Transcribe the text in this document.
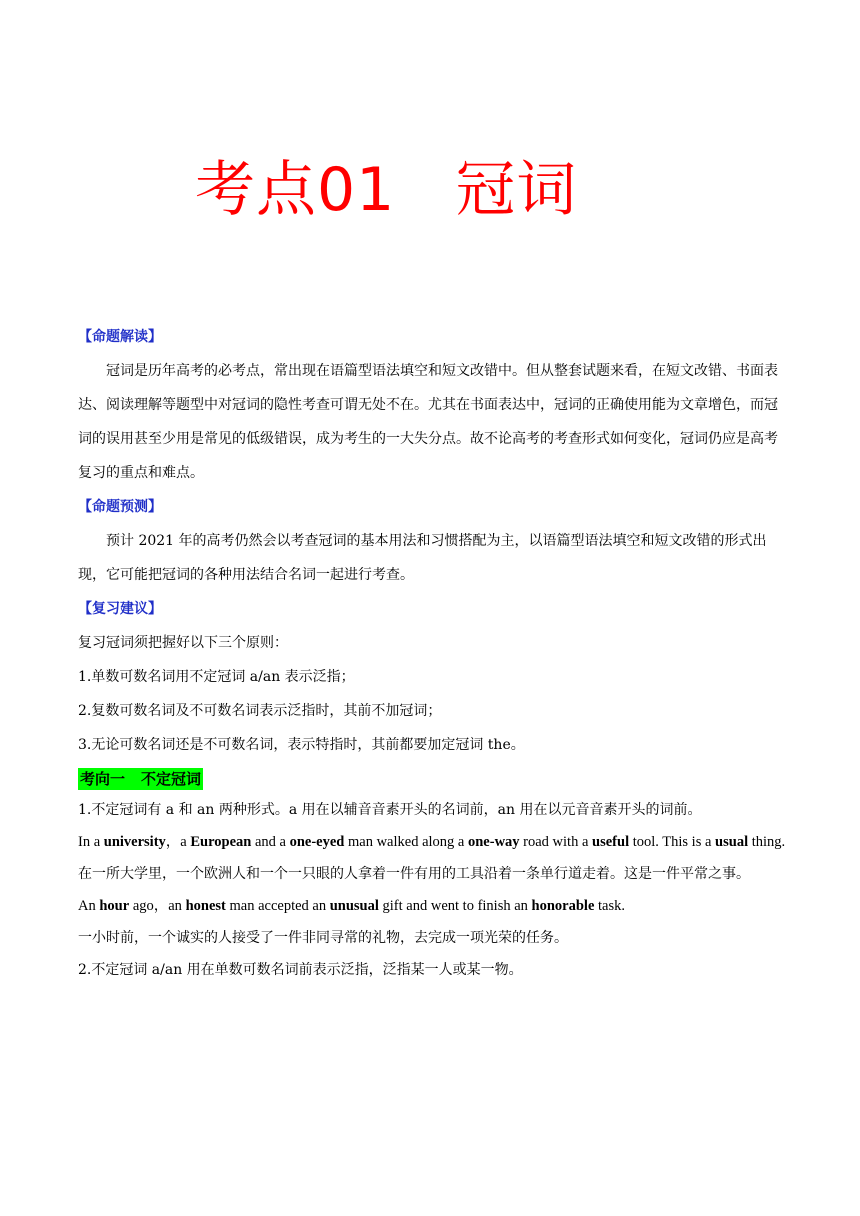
考点01 冠词

【命题解读】

冠词是历年高考的必考点，常出现在语篇型语法填空和短文改错中。但从整套试题来看，在短文改错、书面表达、阅读理解等题型中对冠词的隐性考查可谓无处不在。尤其在书面表达中，冠词的正确使用能为文章增色，而冠词的误用甚至少用是常见的低级错误，成为考生的一大失分点。故不论高考的考查形式如何变化，冠词仍应是高考复习的重点和难点。

【命题预测】

预计 2021 年的高考仍然会以考查冠词的基本用法和习惯搭配为主，以语篇型语法填空和短文改错的形式出现，它可能把冠词的各种用法结合名词一起进行考查。

【复习建议】

复习冠词须把握好以下三个原则：

1.单数可数名词用不定冠词 a/an 表示泛指；

2.复数可数名词及不可数名词表示泛指时，其前不加冠词；

3.无论可数名词还是不可数名词，表示特指时，其前都要加定冠词 the。

考向一 不定冠词

1.不定冠词有 a 和 an 两种形式。a 用在以辅音音素开头的名词前，an 用在以元音音素开头的词前。

In a university，a European and a one-eyed man walked along a one-way road with a useful tool. This is a usual thing.

在一所大学里，一个欧洲人和一个一只眼的人拿着一件有用的工具沿着一条单行道走着。这是一件平常之事。

An hour ago，an honest man accepted an unusual gift and went to finish an honorable task.

一小时前，一个诚实的人接受了一件非同寻常的礼物，去完成一项光荣的任务。

2.不定冠词 a/an 用在单数可数名词前表示泛指，泛指某一人或某一物。
